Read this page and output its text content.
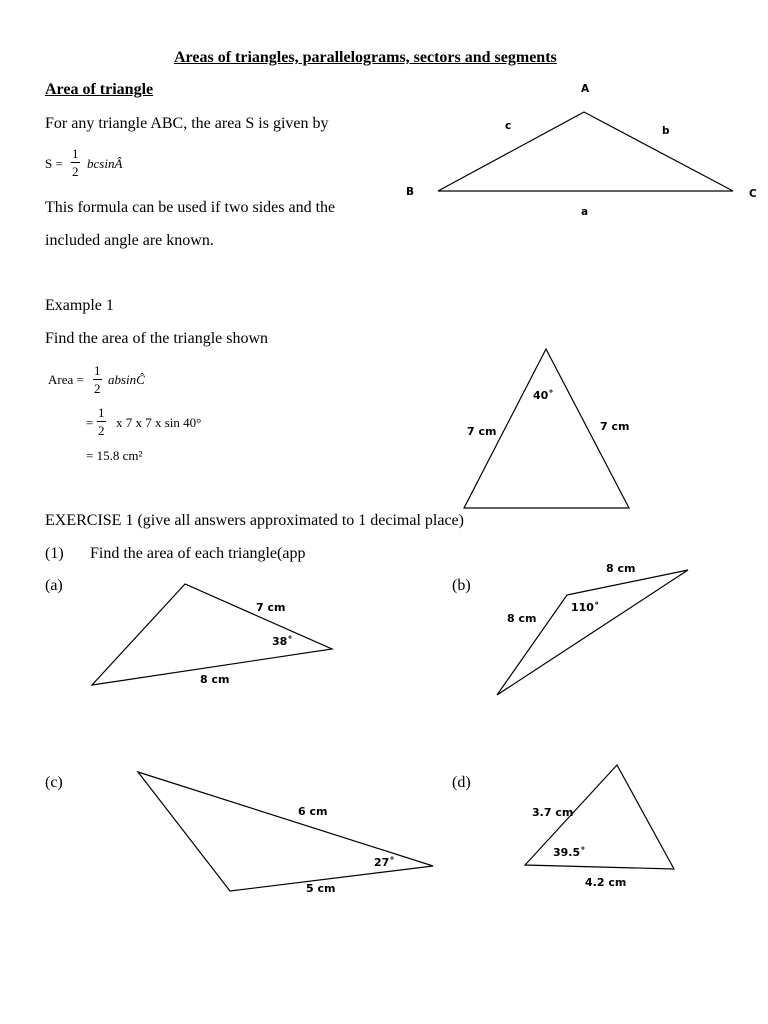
Areas of triangles, parallelograms, sectors and segments
Area of triangle
For any triangle ABC, the area S is given by
$S = \frac{1}{2}$ bcsinÂ
This formula can be used if two sides and the
included angle are known.
A
B	C
c	b
a
Example 1
Find the area of the triangle shown
Area = $\frac{1}{2}$ absinĈ
= $\frac{1}{2}$ x 7 x 7 x sin 40°
= 15.8 cm²
40˚
7 cm	7 cm
EXERCISE 1 (give all answers approximated to 1 decimal place)
(1) Find the area of each triangle(app
(a)
7 cm
38˚
8 cm
(b)
8 cm
8 cm
110˚
(c)
6 cm
27˚
5 cm
(d)
3.7 cm
39.5˚
4.2 cm
